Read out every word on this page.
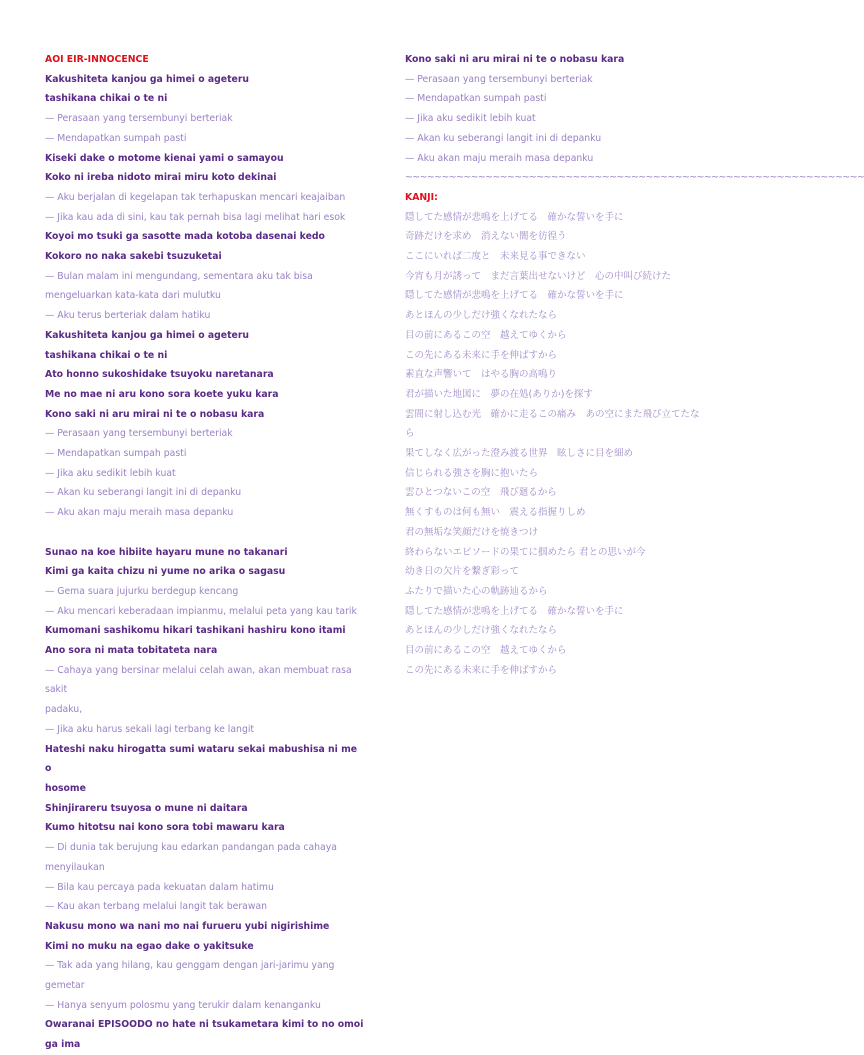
AOI EIR-INNOCENCE
Kakushiteta kanjou ga himei o ageteru
tashikana chikai o te ni
— Perasaan yang tersembunyi berteriak
— Mendapatkan sumpah pasti
Kiseki dake o motome kienai yami o samayou
Koko ni ireba nidoto mirai miru koto dekinai
— Aku berjalan di kegelapan tak terhapuskan mencari keajaiban
— Jika kau ada di sini, kau tak pernah bisa lagi melihat hari esok
Koyoi mo tsuki ga sasotte mada kotoba dasenai kedo
Kokoro no naka sakebi tsuzuketai
— Bulan malam ini mengundang, sementara aku tak bisa
mengeluarkan kata-kata dari mulutku
— Aku terus berteriak dalam hatiku
Kakushiteta kanjou ga himei o ageteru
tashikana chikai o te ni
Ato honno sukoshidake tsuyoku naretanara
Me no mae ni aru kono sora koete yuku kara
Kono saki ni aru mirai ni te o nobasu kara
— Perasaan yang tersembunyi berteriak
— Mendapatkan sumpah pasti
— Jika aku sedikit lebih kuat
— Akan ku seberangi langit ini di depanku
— Aku akan maju meraih masa depanku
Sunao na koe hibiite hayaru mune no takanari
Kimi ga kaita chizu ni yume no arika o sagasu
— Gema suara jujurku berdegup kencang
— Aku mencari keberadaan impianmu, melalui peta yang kau tarik
Kumomani sashikomu hikari tashikani hashiru kono itami
Ano sora ni mata tobitateta nara
— Cahaya yang bersinar melalui celah awan, akan membuat rasa sakit
padaku,
— Jika aku harus sekali lagi terbang ke langit
Hateshi naku hirogatta sumi wataru sekai mabushisa ni me o
hosome
Shinjirareru tsuyosa o mune ni daitara
Kumo hitotsu nai kono sora tobi mawaru kara
— Di dunia tak berujung kau edarkan pandangan pada cahaya
menyilaukan
— Bila kau percaya pada kekuatan dalam hatimu
— Kau akan terbang melalui langit tak berawan
Nakusu mono wa nani mo nai furueru yubi nigirishime
Kimi no muku na egao dake o yakitsuke
— Tak ada yang hilang, kau genggam dengan jari-jarimu yang
gemetar
— Hanya senyum polosmu yang terukir dalam kenanganku
Owaranai EPISOODO no hate ni tsukametara kimi to no omoi
ga ima
Kono saki ni aru mirai ni te o nobasu kara
— Perasaan yang tersembunyi berteriak
— Mendapatkan sumpah pasti
— Jika aku sedikit lebih kuat
— Akan ku seberangi langit ini di depanku
— Aku akan maju meraih masa depanku
~~~~~~~~~~~~~~~~~~~~~~~~~~~~~~~~~~~~~~~~~~~~~~~~~~~~~~~~~~~~~~~
KANJI:
隠してた感情が悲鳴を上げてる　確かな誓いを手に
奇跡だけを求め　消えない闇を彷徨う
ここにいれば二度と　未来見る事できない
今宵も月が誘って　まだ言葉出せないけど　心の中叫び続けた
隠してた感情が悲鳴を上げてる　確かな誓いを手に
あとほんの少しだけ強くなれたなら
目の前にあるこの空　越えてゆくから
この先にある未来に手を伸ばすから
素直な声響いて　はやる胸の高鳴り
君が描いた地図に　夢の在処(ありか)を探す
雲間に射し込む光　確かに走るこの痛み　あの空にまた飛び立てたな
ら
果てしなく広がった澄み渡る世界　眩しさに目を細め
信じられる強さを胸に抱いたら
雲ひとつないこの空　飛び廻るから
無くすものは何も無い　震える指握りしめ
君の無垢な笑顔だけを焼きつけ
終わらないエピソードの果てに掴めたら 君との思いが今
幼き日の欠片を繋ぎ彩って
ふたりで描いた心の軌跡辿るから
隠してた感情が悲鳴を上げてる　確かな誓いを手に
あとほんの少しだけ強くなれたなら
目の前にあるこの空　越えてゆくから
この先にある未来に手を伸ばすから
